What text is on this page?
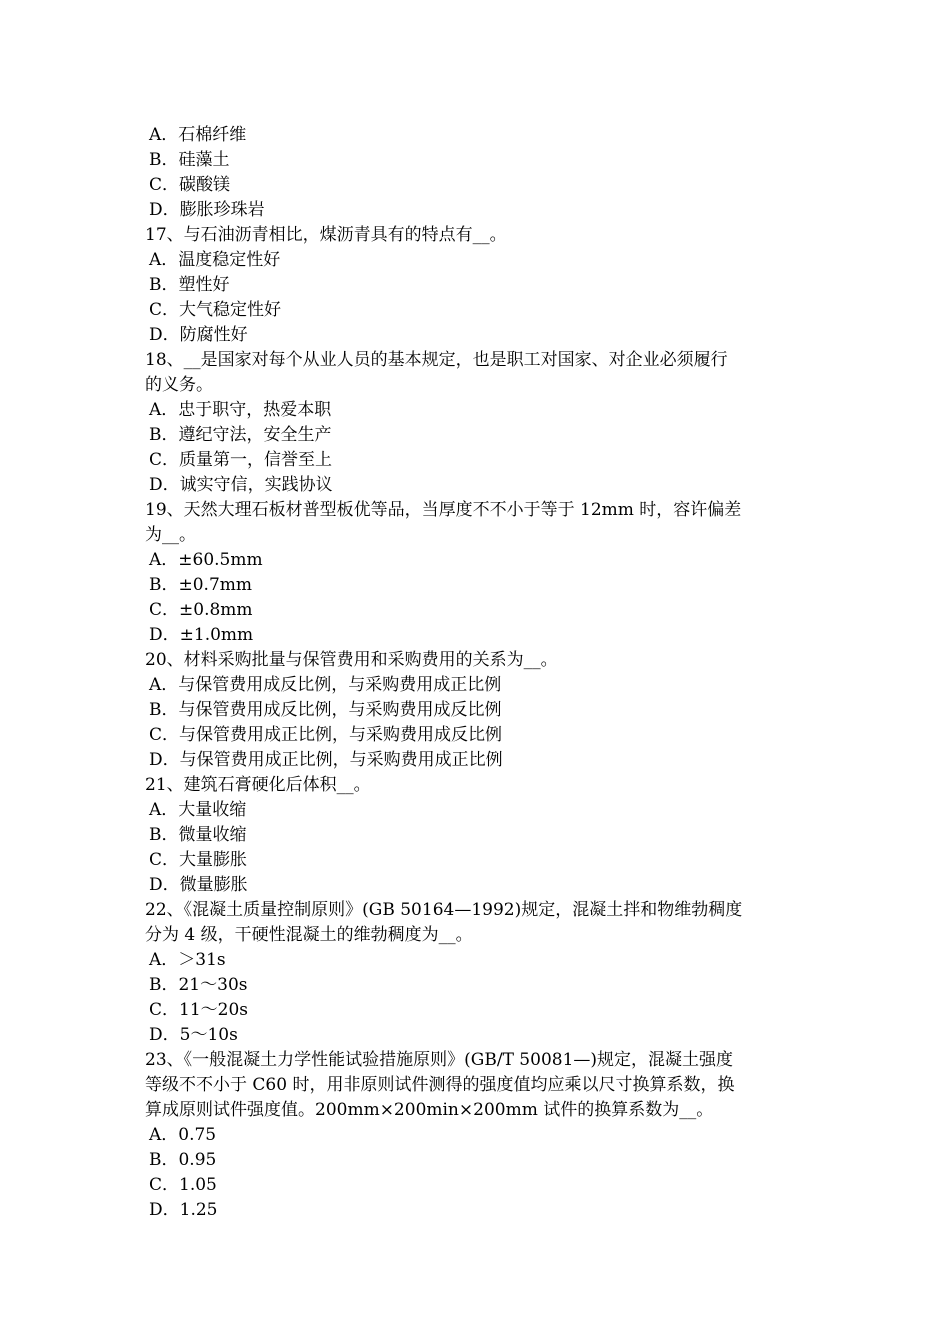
A．石棉纤维
B．硅藻土
C．碳酸镁
D．膨胀珍珠岩
17、与石油沥青相比，煤沥青具有的特点有__。
A．温度稳定性好
B．塑性好
C．大气稳定性好
D．防腐性好
18、__是国家对每个从业人员的基本规定，也是职工对国家、对企业必须履行
的义务。
A．忠于职守，热爱本职
B．遵纪守法，安全生产
C．质量第一，信誉至上
D．诚实守信，实践协议
19、天然大理石板材普型板优等品，当厚度不不小于等于 12mm 时，容许偏差
为__。
A．±60.5mm
B．±0.7mm
C．±0.8mm
D．±1.0mm
20、材料采购批量与保管费用和采购费用的关系为__。
A．与保管费用成反比例，与采购费用成正比例
B．与保管费用成反比例，与采购费用成反比例
C．与保管费用成正比例，与采购费用成反比例
D．与保管费用成正比例，与采购费用成正比例
21、建筑石膏硬化后体积__。
A．大量收缩
B．微量收缩
C．大量膨胀
D．微量膨胀
22、《混凝土质量控制原则》(GB 50164—1992)规定，混凝土拌和物维勃稠度
分为 4 级，干硬性混凝土的维勃稠度为__。
A．＞31s
B．21～30s
C．11～20s
D．5～10s
23、《一般混凝土力学性能试验措施原则》(GB/T 50081—)规定，混凝土强度
等级不不小于 C60 时，用非原则试件测得的强度值均应乘以尺寸换算系数，换
算成原则试件强度值。200mm×200min×200mm 试件的换算系数为__。
A．0.75
B．0.95
C．1.05
D．1.25
